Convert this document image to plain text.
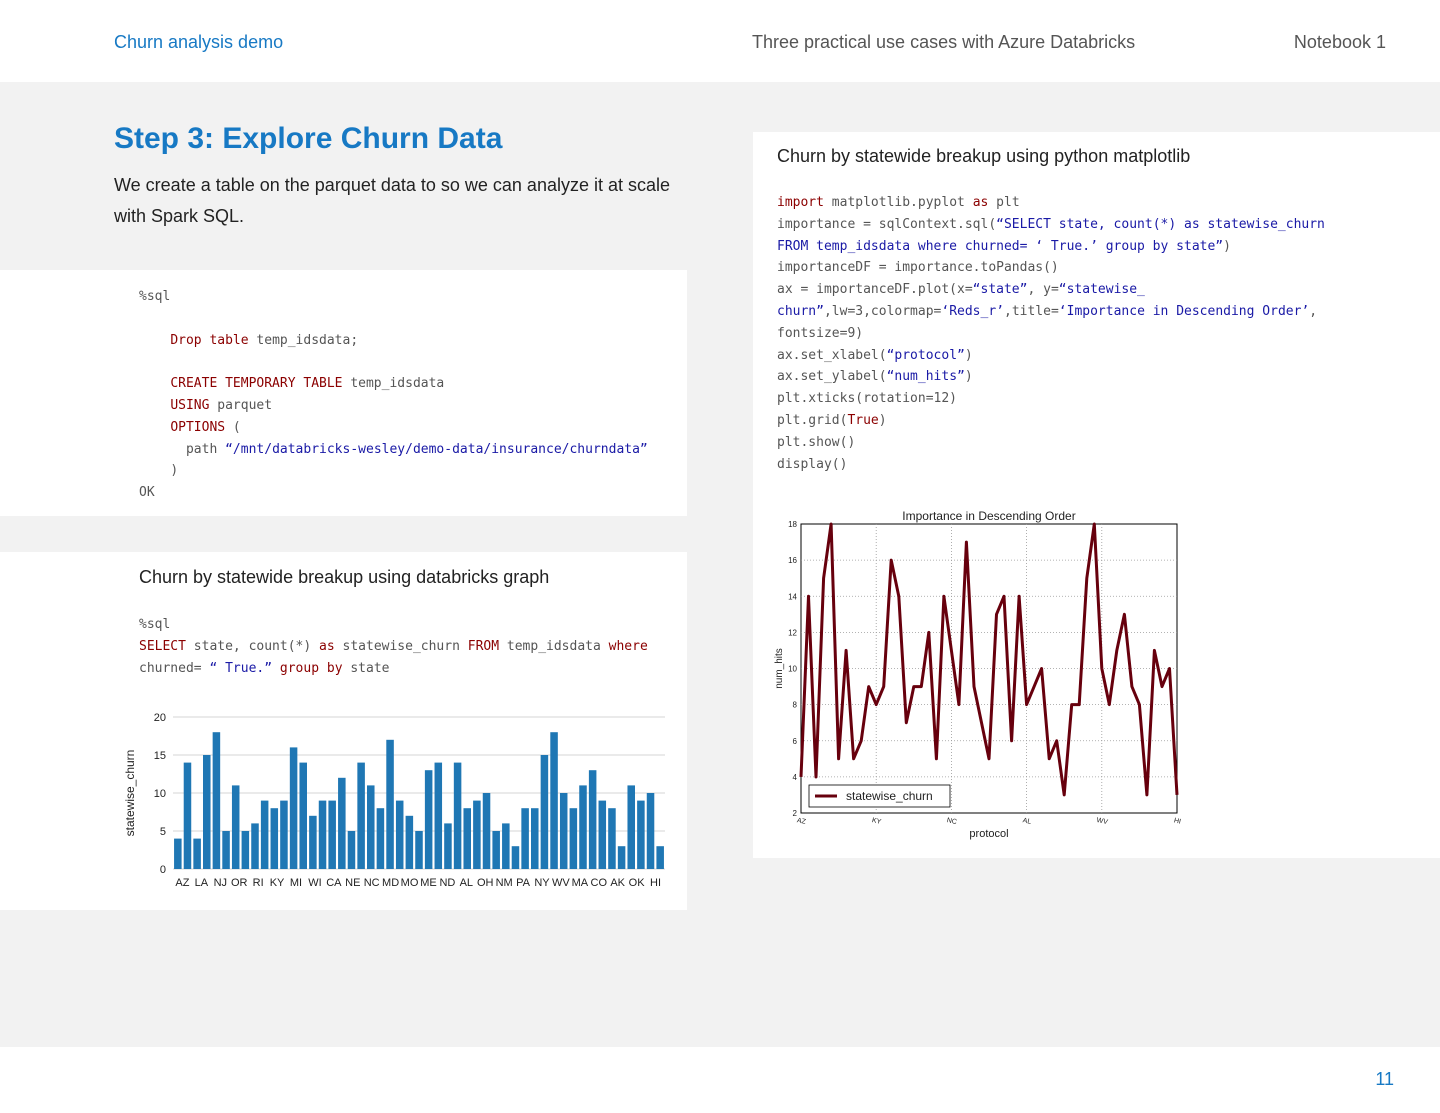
Churn analysis demo	Three practical use cases with Azure Databricks	Notebook 1
Step 3: Explore Churn Data
We create a table on the parquet data to so we can analyze it at scale with Spark SQL.
%sql

Drop table temp_idsdata;

CREATE TEMPORARY TABLE temp_idsdata
USING parquet
OPTIONS (
path “/mnt/databricks-wesley/demo-data/insurance/churndata”
)
OK
Churn by statewide breakup using databricks graph
%sql
SELECT state, count(*) as statewise_churn FROM temp_idsdata where
churned= “ True.” group by state
0
5
10
15
20
AZ LA NJ OR RI KY MI WI CA NE NC MD MO ME ND AL OH NM PA NY WV MA CO AK OK HI
statewise_churn
Churn by statewide breakup using python matplotlib
import matplotlib.pyplot as plt
importance = sqlContext.sql(“SELECT state, count(*) as statewise_churn
FROM temp_idsdata where churned= ‘ True.’ group by state”)
importanceDF = importance.toPandas()
ax = importanceDF.plot(x=“state”, y=“statewise_
churn”,lw=3,colormap=‘Reds_r’,title=‘Importance in Descending Order’,
fontsize=9)
ax.set_xlabel(“protocol”)
ax.set_ylabel(“num_hits”)
plt.xticks(rotation=12)
plt.grid(True)
plt.show()
display()
2
4
6
8
10
12
14
16
18
AZ	KY	NC	AL	WV	HI
Importance in Descending Order
protocol
num_hits
statewise_churn
11
